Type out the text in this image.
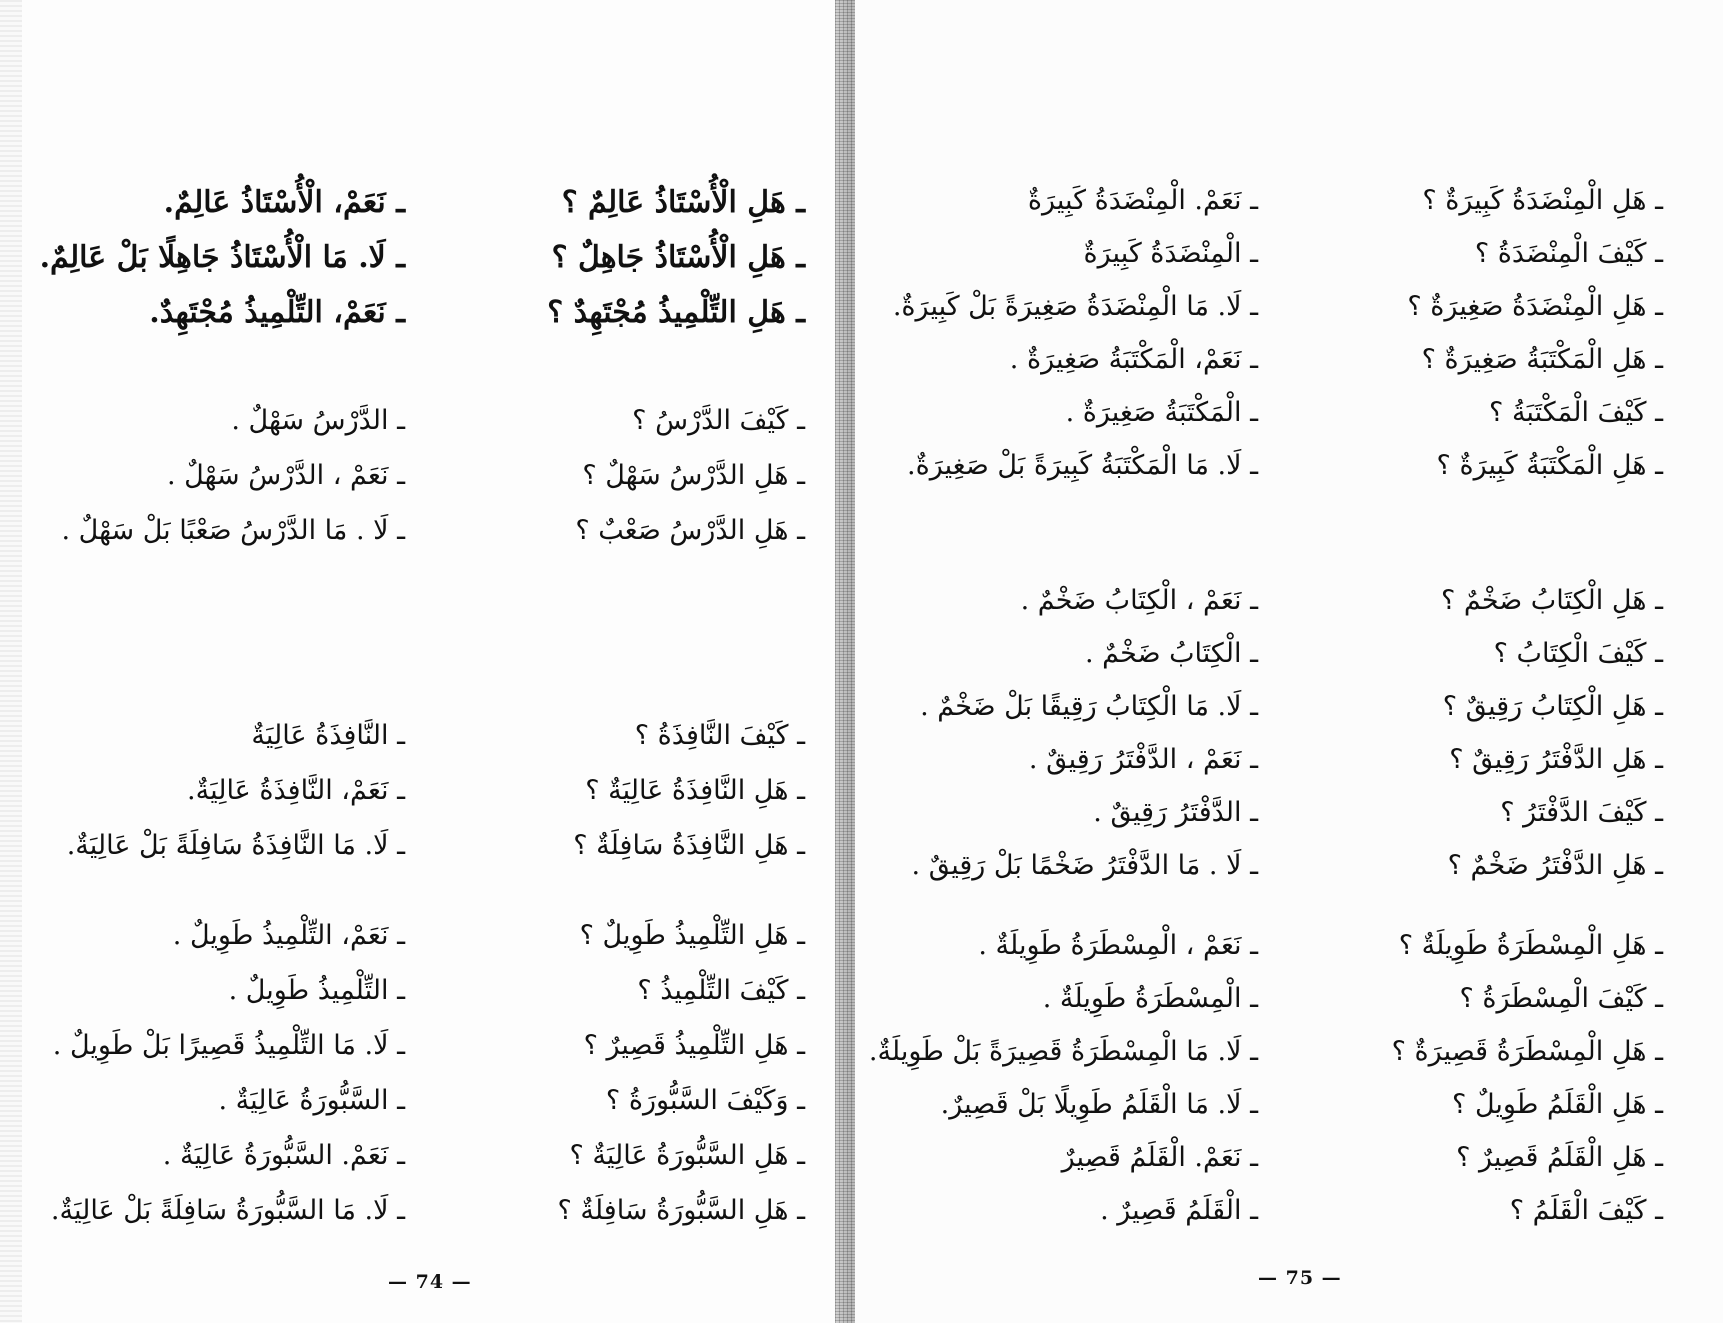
— 74 —	— 75 —
ـ هَلِ الْأُسْتَاذُ عَالِمٌ ؟
ـ هَلِ الْأُسْتَاذُ جَاهِلٌ ؟
ـ هَلِ التِّلْمِيذُ مُجْتَهِدٌ ؟
ـ نَعَمْ، الْأُسْتَاذُ عَالِمٌ.
ـ لَا. مَا الْأُسْتَاذُ جَاهِلًا بَلْ عَالِمٌ.
ـ نَعَمْ، التِّلْمِيذُ مُجْتَهِدٌ.
ـ كَيْفَ الدَّرْسُ ؟
ـ هَلِ الدَّرْسُ سَهْلٌ ؟
ـ هَلِ الدَّرْسُ صَعْبٌ ؟
ـ الدَّرْسُ سَهْلٌ .
ـ نَعَمْ ، الدَّرْسُ سَهْلٌ .
ـ لَا . مَا الدَّرْسُ صَعْبًا بَلْ سَهْلٌ .
ـ كَيْفَ النَّافِذَةُ ؟
ـ هَلِ النَّافِذَةُ عَالِيَةٌ ؟
ـ هَلِ النَّافِذَةُ سَافِلَةٌ ؟
ـ النَّافِذَةُ عَالِيَةٌ
ـ نَعَمْ، النَّافِذَةُ عَالِيَةٌ.
ـ لَا. مَا النَّافِذَةُ سَافِلَةً بَلْ عَالِيَةٌ.
ـ هَلِ التِّلْمِيذُ طَوِيلٌ ؟
ـ كَيْفَ التِّلْمِيذُ ؟
ـ هَلِ التِّلْمِيذُ قَصِيرٌ ؟
ـ وَكَيْفَ السَّبُّورَةُ ؟
ـ هَلِ السَّبُّورَةُ عَالِيَةٌ ؟
ـ هَلِ السَّبُّورَةُ سَافِلَةٌ ؟
ـ نَعَمْ، التِّلْمِيذُ طَوِيلٌ .
ـ التِّلْمِيذُ طَوِيلٌ .
ـ لَا. مَا التِّلْمِيذُ قَصِيرًا بَلْ طَوِيلٌ .
ـ السَّبُّورَةُ عَالِيَةٌ .
ـ نَعَمْ. السَّبُّورَةُ عَالِيَةٌ .
ـ لَا. مَا السَّبُّورَةُ سَافِلَةً بَلْ عَالِيَةٌ.
ـ هَلِ الْمِنْضَدَةُ كَبِيرَةٌ ؟
ـ كَيْفَ الْمِنْضَدَةُ ؟
ـ هَلِ الْمِنْضَدَةُ صَغِيرَةٌ ؟
ـ هَلِ الْمَكْتَبَةُ صَغِيرَةٌ ؟
ـ كَيْفَ الْمَكْتَبَةُ ؟
ـ هَلِ الْمَكْتَبَةُ كَبِيرَةٌ ؟
ـ نَعَمْ. الْمِنْضَدَةُ كَبِيرَةٌ
ـ الْمِنْضَدَةُ كَبِيرَةٌ
ـ لَا. مَا الْمِنْضَدَةُ صَغِيرَةً بَلْ كَبِيرَةٌ.
ـ نَعَمْ، الْمَكْتَبَةُ صَغِيرَةٌ .
ـ الْمَكْتَبَةُ صَغِيرَةٌ .
ـ لَا. مَا الْمَكْتَبَةُ كَبِيرَةً بَلْ صَغِيرَةٌ.
ـ هَلِ الْكِتَابُ ضَخْمٌ ؟
ـ كَيْفَ الْكِتَابُ ؟
ـ هَلِ الْكِتَابُ رَقِيقٌ ؟
ـ هَلِ الدَّفْتَرُ رَقِيقٌ ؟
ـ كَيْفَ الدَّفْتَرُ ؟
ـ هَلِ الدَّفْتَرُ ضَخْمٌ ؟
ـ نَعَمْ ، الْكِتَابُ ضَخْمٌ .
ـ الْكِتَابُ ضَخْمٌ .
ـ لَا. مَا الْكِتَابُ رَقِيقًا بَلْ ضَخْمٌ .
ـ نَعَمْ ، الدَّفْتَرُ رَقِيقٌ .
ـ الدَّفْتَرُ رَقِيقٌ .
ـ لَا . مَا الدَّفْتَرُ ضَخْمًا بَلْ رَقِيقٌ .
ـ هَلِ الْمِسْطَرَةُ طَوِيلَةٌ ؟
ـ كَيْفَ الْمِسْطَرَةُ ؟
ـ هَلِ الْمِسْطَرَةُ قَصِيرَةٌ ؟
ـ هَلِ الْقَلَمُ طَوِيلٌ ؟
ـ هَلِ الْقَلَمُ قَصِيرٌ ؟
ـ كَيْفَ الْقَلَمُ ؟
ـ نَعَمْ ، الْمِسْطَرَةُ طَوِيلَةٌ .
ـ الْمِسْطَرَةُ طَوِيلَةٌ .
ـ لَا. مَا الْمِسْطَرَةُ قَصِيرَةً بَلْ طَوِيلَةٌ.
ـ لَا. مَا الْقَلَمُ طَوِيلًا بَلْ قَصِيرٌ.
ـ نَعَمْ. الْقَلَمُ قَصِيرٌ
ـ الْقَلَمُ قَصِيرٌ .
